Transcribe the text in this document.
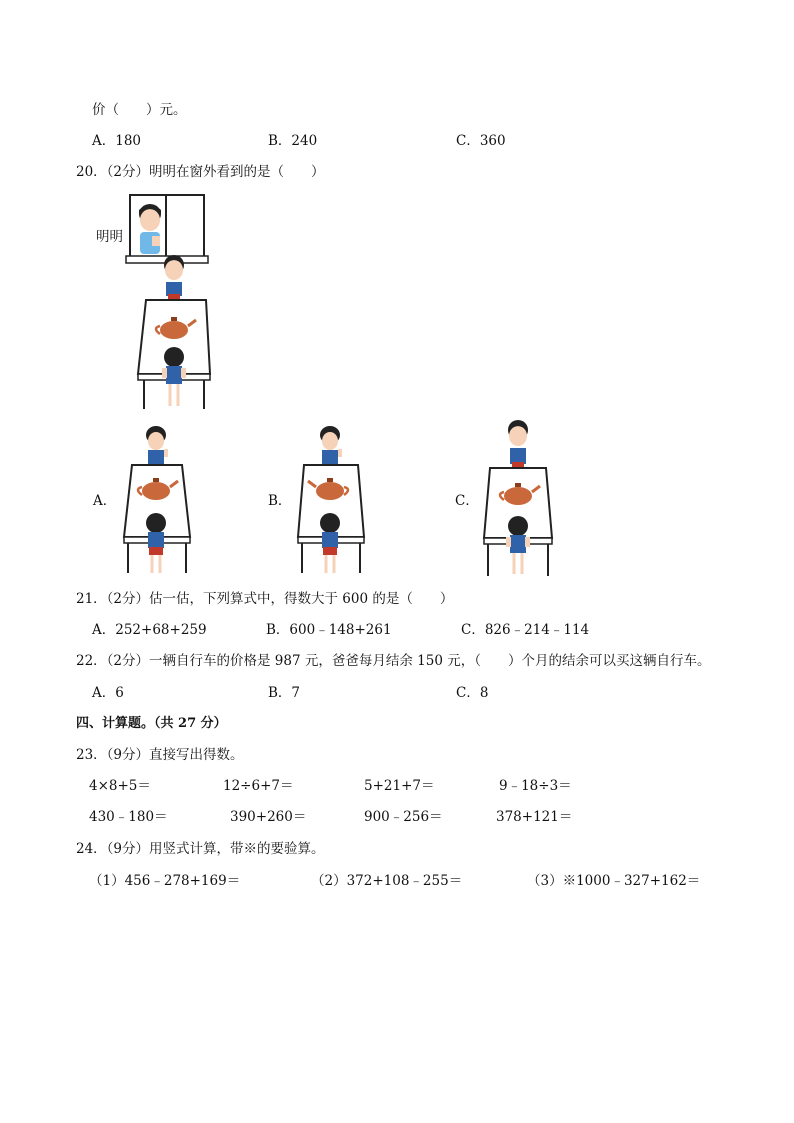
价（　　）元。
A．180	B．240	C．360
20．（2分）明明在窗外看到的是（　　）
明明
A．	B．	C．
21．（2分）估一估，下列算式中，得数大于 600 的是（　　）
A．252+68+259	B．600﹣148+261	C．826﹣214﹣114
22．（2分）一辆自行车的价格是 987 元，爸爸每月结余 150 元，（　　）个月的结余可以买这辆自行车。
A．6	B．7	C．8
四、计算题。（共 27 分）
23．（9分）直接写出得数。
4×8+5＝	12÷6+7＝	5+21+7＝	9﹣18÷3＝
430﹣180＝	390+260＝	900﹣256＝	378+121＝
24．（9分）用竖式计算，带※的要验算。
（1）456﹣278+169＝	（2）372+108﹣255＝	（3）※1000﹣327+162＝
